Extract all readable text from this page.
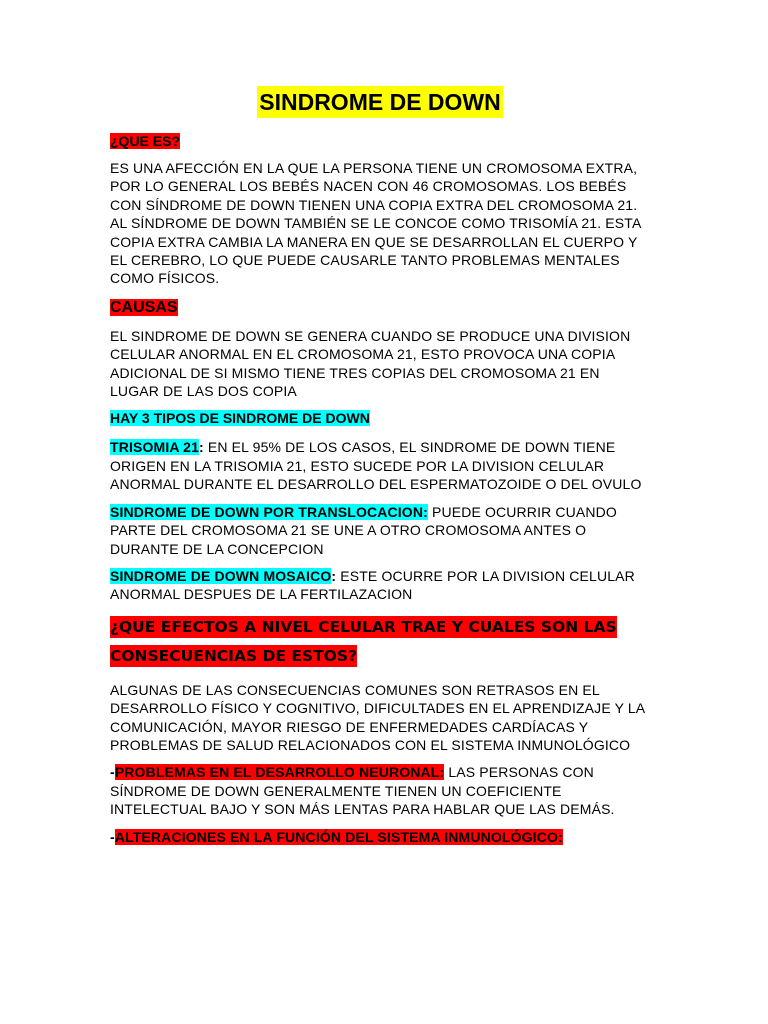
SINDROME DE DOWN
¿QUE ES?

ES UNA AFECCIÓN EN LA QUE LA PERSONA TIENE UN CROMOSOMA EXTRA, POR LO GENERAL LOS BEBÉS NACEN CON 46 CROMOSOMAS. LOS BEBÉS CON SÍNDROME DE DOWN TIENEN UNA COPIA EXTRA DEL CROMOSOMA 21. AL SÍNDROME DE DOWN TAMBIÉN SE LE CONCOE COMO TRISOMÍA 21. ESTA COPIA EXTRA CAMBIA LA MANERA EN QUE SE DESARROLLAN EL CUERPO Y EL CEREBRO, LO QUE PUEDE CAUSARLE TANTO PROBLEMAS MENTALES COMO FÍSICOS.

CAUSAS

EL SINDROME DE DOWN SE GENERA CUANDO SE PRODUCE UNA DIVISION CELULAR ANORMAL EN EL CROMOSOMA 21, ESTO PROVOCA UNA COPIA ADICIONAL DE SI MISMO TIENE TRES COPIAS DEL CROMOSOMA 21 EN LUGAR DE LAS DOS COPIA

HAY 3 TIPOS DE SINDROME DE DOWN

TRISOMIA 21: EN EL 95% DE LOS CASOS, EL SINDROME DE DOWN TIENE ORIGEN EN LA TRISOMIA 21, ESTO SUCEDE POR LA DIVISION CELULAR ANORMAL DURANTE EL DESARROLLO DEL ESPERMATOZOIDE O DEL OVULO

SINDROME DE DOWN POR TRANSLOCACION: PUEDE OCURRIR CUANDO PARTE DEL CROMOSOMA 21 SE UNE A OTRO CROMOSOMA ANTES O DURANTE DE LA CONCEPCION

SINDROME DE DOWN MOSAICO: ESTE OCURRE POR LA DIVISION CELULAR ANORMAL DESPUES DE LA FERTILAZACION

¿QUE EFECTOS A NIVEL CELULAR TRAE Y CUALES SON LAS CONSECUENCIAS DE ESTOS?

ALGUNAS DE LAS CONSECUENCIAS COMUNES SON RETRASOS EN EL DESARROLLO FÍSICO Y COGNITIVO, DIFICULTADES EN EL APRENDIZAJE Y LA COMUNICACIÓN, MAYOR RIESGO DE ENFERMEDADES CARDÍACAS Y PROBLEMAS DE SALUD RELACIONADOS CON EL SISTEMA INMUNOLÓGICO

-PROBLEMAS EN EL DESARROLLO NEURONAL: LAS PERSONAS CON SÍNDROME DE DOWN GENERALMENTE TIENEN UN COEFICIENTE INTELECTUAL BAJO Y SON MÁS LENTAS PARA HABLAR QUE LAS DEMÁS.

-ALTERACIONES EN LA FUNCIÓN DEL SISTEMA INMUNOLÓGICO:
